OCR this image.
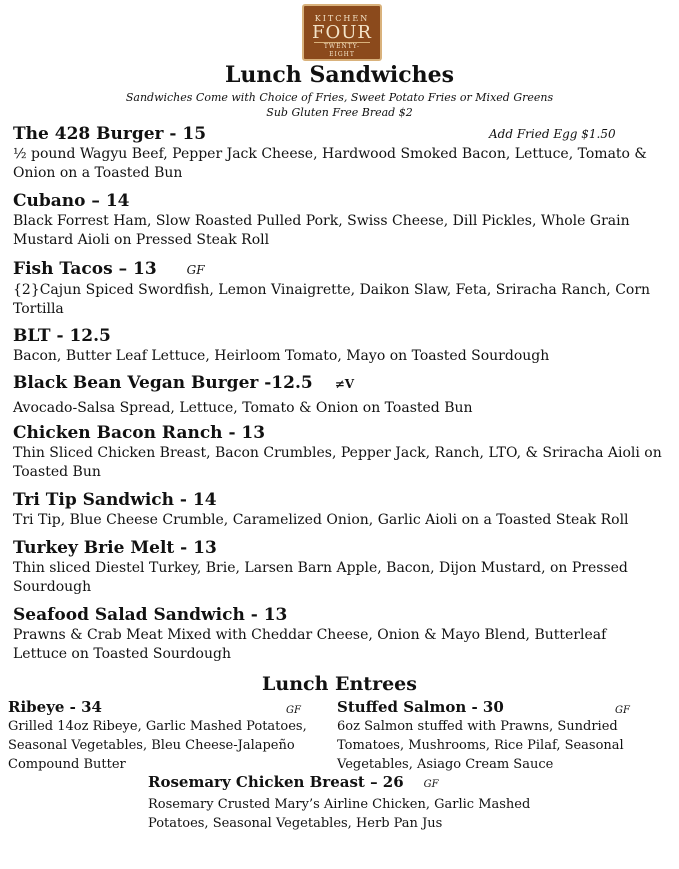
KITCHEN
FOUR
TWENTY-EIGHT
Lunch Sandwiches
Sandwiches Come with Choice of Fries, Sweet Potato Fries or Mixed Greens
Sub Gluten Free Bread $2
Add Fried Egg $1.50
The 428 Burger - 15
½ pound Wagyu Beef, Pepper Jack Cheese, Hardwood Smoked Bacon, Lettuce, Tomato & Onion on a Toasted Bun
Cubano – 14
Black Forrest Ham, Slow Roasted Pulled Pork, Swiss Cheese, Dill Pickles, Whole Grain Mustard Aioli on Pressed Steak Roll
Fish Tacos – 13	GF
{2}Cajun Spiced Swordfish, Lemon Vinaigrette, Daikon Slaw, Feta, Sriracha Ranch, Corn Tortilla
BLT - 12.5
Bacon, Butter Leaf Lettuce, Heirloom Tomato, Mayo on Toasted Sourdough
Black Bean Vegan Burger -12.5 ≠V
Avocado-Salsa Spread, Lettuce, Tomato & Onion on Toasted Bun
Chicken Bacon Ranch - 13
Thin Sliced Chicken Breast, Bacon Crumbles, Pepper Jack, Ranch, LTO, & Sriracha Aioli on Toasted Bun
Tri Tip Sandwich - 14
Tri Tip, Blue Cheese Crumble, Caramelized Onion, Garlic Aioli on a Toasted Steak Roll
Turkey Brie Melt - 13
Thin sliced Diestel Turkey, Brie, Larsen Barn Apple, Bacon, Dijon Mustard, on Pressed Sourdough
Seafood Salad Sandwich - 13
Prawns & Crab Meat Mixed with Cheddar Cheese, Onion & Mayo Blend, Butterleaf Lettuce on Toasted Sourdough
Lunch Entrees
Ribeye - 34	GF
Grilled 14oz Ribeye, Garlic Mashed Potatoes, Seasonal Vegetables, Bleu Cheese-Jalapeño Compound Butter
Stuffed Salmon - 30	GF
6oz Salmon stuffed with Prawns, Sundried Tomatoes, Mushrooms, Rice Pilaf, Seasonal Vegetables, Asiago Cream Sauce
Rosemary Chicken Breast – 26 GF
Rosemary Crusted Mary’s Airline Chicken, Garlic Mashed Potatoes, Seasonal Vegetables, Herb Pan Jus
